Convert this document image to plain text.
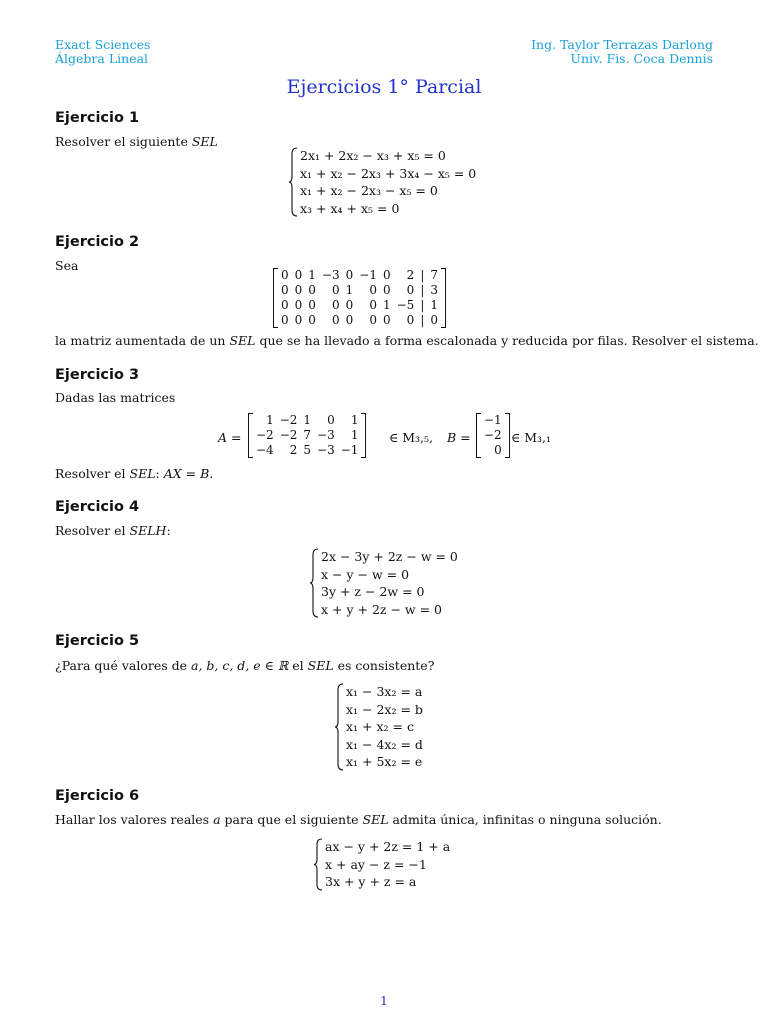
Exact Sciences
Álgebra Lineal
Ing. Taylor Terrazas Darlong
Univ. Fis. Coca Dennis
Ejercicios 1° Parcial
Ejercicio 1
Resolver el siguiente SEL
2x₁ + 2x₂ − x₃ + x₅ = 0
x₁ + x₂ − 2x₃ + 3x₄ − x₅ = 0
x₁ + x₂ − 2x₃ − x₅ = 0
x₃ + x₄ + x₅ = 0
Ejercicio 2
Sea
0	0	1	−3	0	−1	0	2	|	7
0	0	0	0	1	0	0	0	|	3
0	0	0	0	0	0	1	−5	|	1
0	0	0	0	0	0	0	0	|	0
la matriz aumentada de un SEL que se ha llevado a forma escalonada y reducida por filas. Resolver el sistema.
Ejercicio 3
Dadas las matrices
A =
1	−2	1	0	1
−2	−2	7	−3	1
−4	2	5	−3	−1
∈ M₃,₅, B =
−1
−2
0
∈ M₃,₁
Resolver el SEL: AX = B.
Ejercicio 4
Resolver el SELH:
2x − 3y + 2z − w = 0
x − y − w = 0
3y + z − 2w = 0
x + y + 2z − w = 0
Ejercicio 5
¿Para qué valores de a, b, c, d, e ∈ ℝ el SEL es consistente?
x₁ − 3x₂ = a
x₁ − 2x₂ = b
x₁ + x₂ = c
x₁ − 4x₂ = d
x₁ + 5x₂ = e
Ejercicio 6
Hallar los valores reales a para que el siguiente SEL admita única, infinitas o ninguna solución.
ax − y + 2z = 1 + a
x + ay − z = −1
3x + y + z = a
1
